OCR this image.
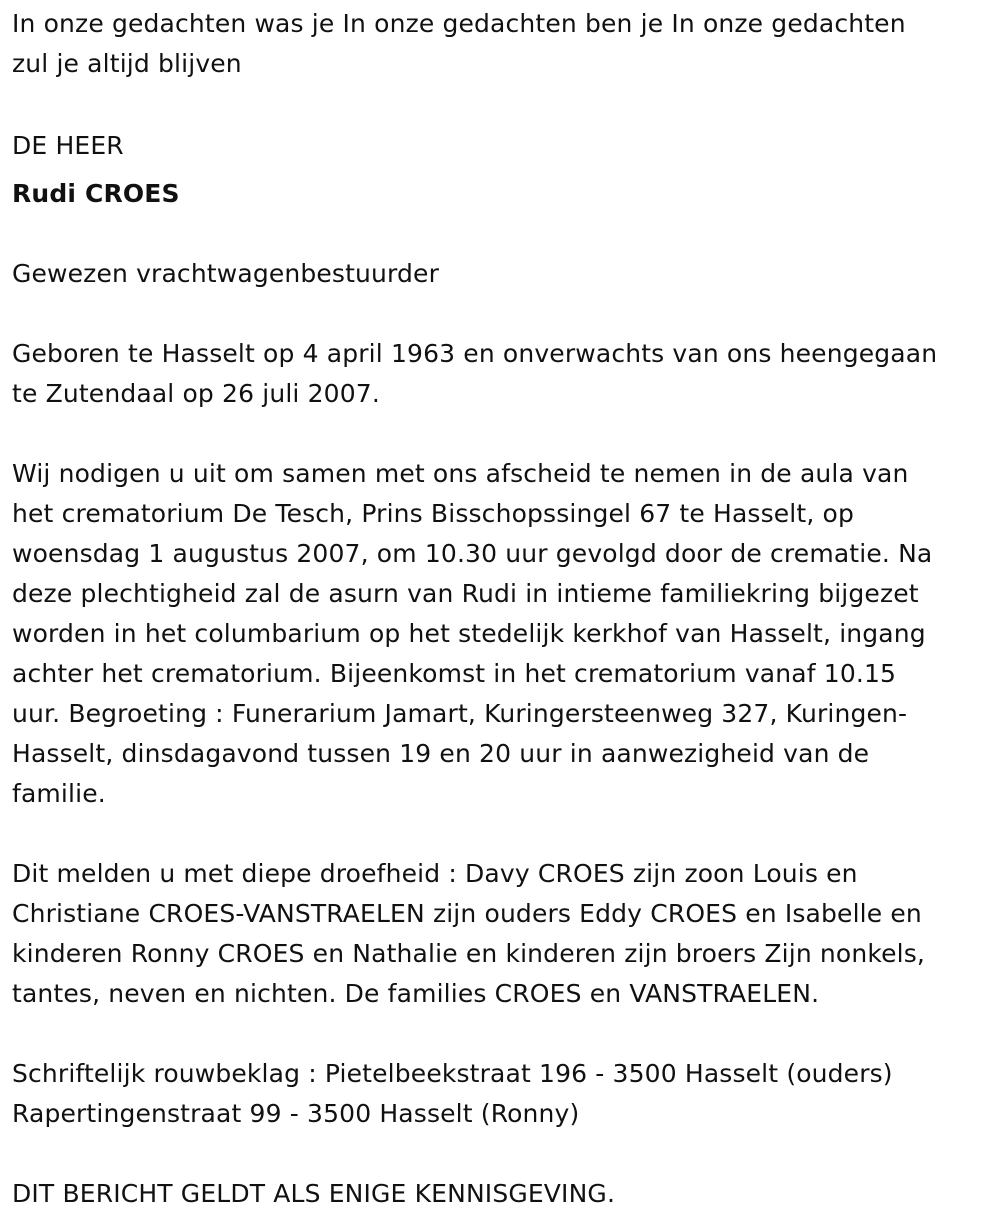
In onze gedachten was je In onze gedachten ben je In onze gedachten
zul je altijd blijven
DE HEER
Rudi CROES
Gewezen vrachtwagenbestuurder
Geboren te Hasselt op 4 april 1963 en onverwachts van ons heengegaan
te Zutendaal op 26 juli 2007.
Wij nodigen u uit om samen met ons afscheid te nemen in de aula van
het crematorium De Tesch, Prins Bisschopssingel 67 te Hasselt, op
woensdag 1 augustus 2007, om 10.30 uur gevolgd door de crematie. Na
deze plechtigheid zal de asurn van Rudi in intieme familiekring bijgezet
worden in het columbarium op het stedelijk kerkhof van Hasselt, ingang
achter het crematorium. Bijeenkomst in het crematorium vanaf 10.15
uur. Begroeting : Funerarium Jamart, Kuringersteenweg 327, Kuringen-
Hasselt, dinsdagavond tussen 19 en 20 uur in aanwezigheid van de
familie.
Dit melden u met diepe droefheid : Davy CROES zijn zoon Louis en
Christiane CROES-VANSTRAELEN zijn ouders Eddy CROES en Isabelle en
kinderen Ronny CROES en Nathalie en kinderen zijn broers Zijn nonkels,
tantes, neven en nichten. De families CROES en VANSTRAELEN.
Schriftelijk rouwbeklag : Pietelbeekstraat 196 - 3500 Hasselt (ouders)
Rapertingenstraat 99 - 3500 Hasselt (Ronny)
DIT BERICHT GELDT ALS ENIGE KENNISGEVING.
